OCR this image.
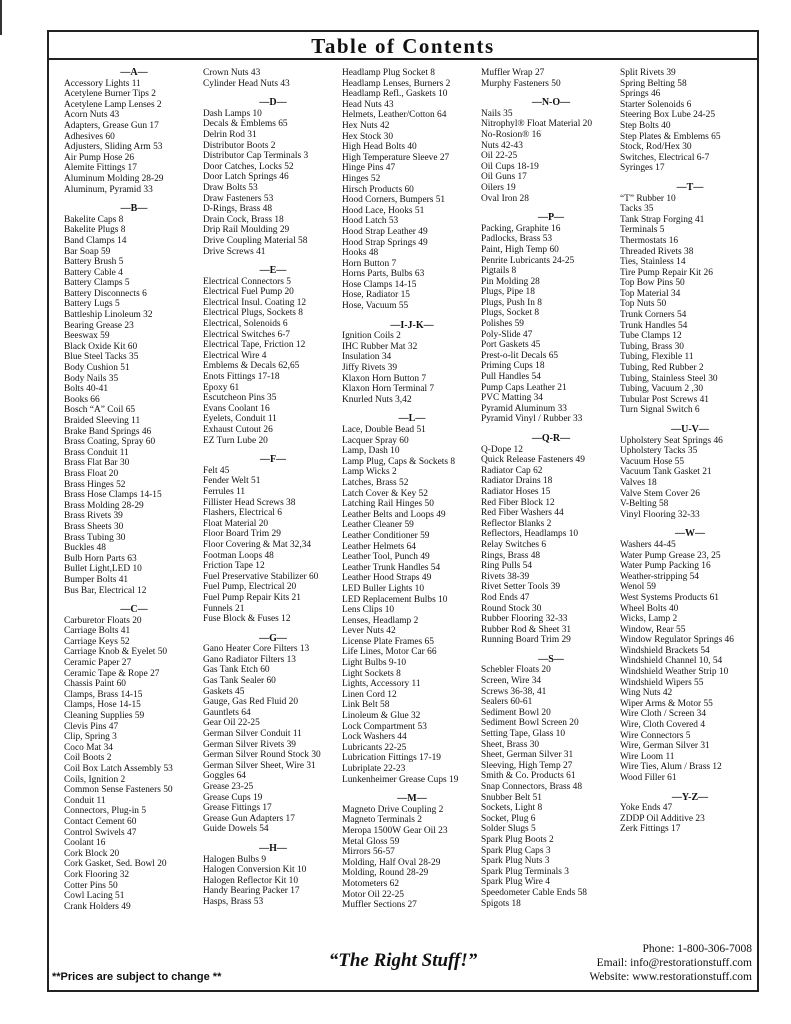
Table of Contents
—A—
Accessory Lights 11
Acetylene Burner Tips 2
Acetylene Lamp Lenses 2
Acorn Nuts 43
Adapters, Grease Gun 17
Adhesives 60
Adjusters, Sliding Arm 53
Air Pump Hose 26
Alemite Fittings 17
Aluminum Molding 28-29
Aluminum, Pyramid 33
—B—
Bakelite Caps 8
Bakelite Plugs 8
Band Clamps 14
Bar Soap 59
Battery Brush 5
Battery Cable 4
Battery Clamps 5
Battery Disconnects 6
Battery Lugs 5
Battleship Linoleum 32
Bearing Grease 23
Beeswax 59
Black Oxide Kit 60
Blue Steel Tacks 35
Body Cushion 51
Body Nails 35
Bolts 40-41
Books 66
Bosch “A” Coil 65
Braided Sleeving 11
Brake Band Springs 46
Brass Coating, Spray 60
Brass Conduit 11
Brass Flat Bar 30
Brass Float 20
Brass Hinges 52
Brass Hose Clamps 14-15
Brass Molding 28-29
Brass Rivets 39
Brass Sheets 30
Brass Tubing 30
Buckles 48
Bulb Horn Parts 63
Bullet Light,LED 10
Bumper Bolts 41
Bus Bar, Electrical 12
—C—
Carburetor Floats 20
Carriage Bolts 41
Carriage Keys 52
Carriage Knob & Eyelet 50
Ceramic Paper 27
Ceramic Tape & Rope 27
Chassis Paint 60
Clamps, Brass 14-15
Clamps, Hose 14-15
Cleaning Supplies 59
Clevis Pins 47
Clip, Spring 3
Coco Mat 34
Coil Boots 2
Coil Box Latch Assembly 53
Coils, Ignition 2
Common Sense Fasteners 50
Conduit 11
Connectors, Plug-in 5
Contact Cement 60
Control Swivels 47
Coolant 16
Cork Block 20
Cork Gasket, Sed. Bowl 20
Cork Flooring 32
Cotter Pins 50
Cowl Lacing 51
Crank Holders 49
Crown Nuts 43
Cylinder Head Nuts 43
—D—
Dash Lamps 10
Decals & Emblems 65
Delrin Rod 31
Distributor Boots 2
Distributor Cap Terminals 3
Door Catches, Locks 52
Door Latch Springs 46
Draw Bolts 53
Draw Fasteners 53
D-Rings, Brass 48
Drain Cock, Brass 18
Drip Rail Moulding 29
Drive Coupling Material 58
Drive Screws 41
—E—
Electrical Connectors 5
Electrical Fuel Pump 20
Electrical Insul. Coating 12
Electrical Plugs, Sockets 8
Electrical, Solenoids 6
Electrical Switches 6-7
Electrical Tape, Friction 12
Electrical Wire 4
Emblems & Decals 62,65
Enots Fittings 17-18
Epoxy 61
Escutcheon Pins 35
Evans Coolant 16
Eyelets, Conduit 11
Exhaust Cutout 26
EZ Turn Lube 20
—F—
Felt 45
Fender Welt 51
Ferrules 11
Fillister Head Screws 38
Flashers, Electrical 6
Float Material 20
Floor Board Trim 29
Floor Covering & Mat 32,34
Footman Loops 48
Friction Tape 12
Fuel Preservative Stabilizer 60
Fuel Pump, Electrical 20
Fuel Pump Repair Kits 21
Funnels 21
Fuse Block & Fuses 12
—G—
Gano Heater Core Filters 13
Gano Radiator Filters 13
Gas Tank Etch 60
Gas Tank Sealer 60
Gaskets 45
Gauge, Gas Red Fluid 20
Gauntlets 64
Gear Oil 22-25
German Silver Conduit 11
German Silver Rivets 39
German Silver Round Stock 30
German Silver Sheet, Wire 31
Goggles 64
Grease 23-25
Grease Cups 19
Grease Fittings 17
Grease Gun Adapters 17
Guide Dowels 54
—H—
Halogen Bulbs 9
Halogen Conversion Kit 10
Halogen Reflector Kit 10
Handy Bearing Packer 17
Hasps, Brass 53
Headlamp Plug Socket 8
Headlamp Lenses, Burners 2
Headlamp Refl., Gaskets 10
Head Nuts 43
Helmets, Leather/Cotton 64
Hex Nuts 42
Hex Stock 30
High Head Bolts 40
High Temperature Sleeve 27
Hinge Pins 47
Hinges 52
Hirsch Products 60
Hood Corners, Bumpers 51
Hood Lace, Hooks 51
Hood Latch 53
Hood Strap Leather 49
Hood Strap Springs 49
Hooks 48
Horn Button 7
Horns Parts, Bulbs 63
Hose Clamps 14-15
Hose, Radiator 15
Hose, Vacuum 55
—I-J-K—
Ignition Coils 2
IHC Rubber Mat 32
Insulation 34
Jiffy Rivets 39
Klaxon Horn Button 7
Klaxon Horn Terminal 7
Knurled Nuts 3,42
—L—
Lace, Double Bead 51
Lacquer Spray 60
Lamp, Dash 10
Lamp Plug, Caps & Sockets 8
Lamp Wicks 2
Latches, Brass 52
Latch Cover & Key 52
Latching Rail Hinges 50
Leather Belts and Loops 49
Leather Cleaner 59
Leather Conditioner 59
Leather Helmets 64
Leather Tool, Punch 49
Leather Trunk Handles 54
Leather Hood Straps 49
LED Buller Lights 10
LED Replacement Bulbs 10
Lens Clips 10
Lenses, Headlamp 2
Lever Nuts 42
License Plate Frames 65
Life Lines, Motor Car 66
Light Bulbs 9-10
Light Sockets 8
Lights, Accessory 11
Linen Cord 12
Link Belt 58
Linoleum & Glue 32
Lock Compartment 53
Lock Washers 44
Lubricants 22-25
Lubrication Fittings 17-19
Lubriplate 22-23
Lunkenheimer Grease Cups 19
—M—
Magneto Drive Coupling 2
Magneto Terminals 2
Meropa 1500W Gear Oil 23
Metal Gloss 59
Mirrors 56-57
Molding, Half Oval 28-29
Molding, Round 28-29
Motometers 62
Motor Oil 22-25
Muffler Sections 27
Muffler Wrap 27
Murphy Fasteners 50
—N-O—
Nails 35
Nitrophyl® Float Material 20
No-Rosion® 16
Nuts 42-43
Oil 22-25
Oil Cups 18-19
Oil Guns 17
Oilers 19
Oval Iron 28
—P—
Packing, Graphite 16
Padlocks, Brass 53
Paint, High Temp 60
Penrite Lubricants 24-25
Pigtails 8
Pin Molding 28
Plugs, Pipe 18
Plugs, Push In 8
Plugs, Socket 8
Polishes 59
Poly-Slide 47
Port Gaskets 45
Prest-o-lit Decals 65
Priming Cups 18
Pull Handles 54
Pump Caps Leather 21
PVC Matting 34
Pyramid Aluminum 33
Pyramid Vinyl / Rubber 33
—Q-R—
Q-Dope 12
Quick Release Fasteners 49
Radiator Cap 62
Radiator Drains 18
Radiator Hoses 15
Red Fiber Block 12
Red Fiber Washers 44
Reflector Blanks 2
Reflectors, Headlamps 10
Relay Switches 6
Rings, Brass 48
Ring Pulls 54
Rivets 38-39
Rivet Setter Tools 39
Rod Ends 47
Round Stock 30
Rubber Flooring 32-33
Rubber Rod & Sheet 31
Running Board Trim 29
—S—
Schebler Floats 20
Screen, Wire 34
Screws 36-38, 41
Sealers 60-61
Sediment Bowl 20
Sediment Bowl Screen 20
Setting Tape, Glass 10
Sheet, Brass 30
Sheet, German Silver 31
Sleeving, High Temp 27
Smith & Co. Products 61
Snap Connectors, Brass 48
Snubber Belt 51
Sockets, Light 8
Socket, Plug 6
Solder Slugs 5
Spark Plug Boots 2
Spark Plug Caps 3
Spark Plug Nuts 3
Spark Plug Terminals 3
Spark Plug Wire 4
Speedometer Cable Ends 58
Spigots 18
Split Rivets 39
Spring Belting 58
Springs 46
Starter Solenoids 6
Steering Box Lube 24-25
Step Bolts 40
Step Plates & Emblems 65
Stock, Rod/Hex 30
Switches, Electrical 6-7
Syringes 17
—T—
“T” Rubber 10
Tacks 35
Tank Strap Forging 41
Terminals 5
Thermostats 16
Threaded Rivets 38
Ties, Stainless 14
Tire Pump Repair Kit 26
Top Bow Pins 50
Top Material 34
Top Nuts 50
Trunk Corners 54
Trunk Handles 54
Tube Clamps 12
Tubing, Brass 30
Tubing, Flexible 11
Tubing, Red Rubber 2
Tubing, Stainless Steel 30
Tubing, Vacuum 2 ,30
Tubular Post Screws 41
Turn Signal Switch 6
—U-V—
Upholstery Seat Springs 46
Upholstery Tacks 35
Vacuum Hose 55
Vacuum Tank Gasket 21
Valves 18
Valve Stem Cover 26
V-Belting 58
Vinyl Flooring 32-33
—W—
Washers 44-45
Water Pump Grease 23, 25
Water Pump Packing 16
Weather-stripping 54
Wenol 59
West Systems Products 61
Wheel Bolts 40
Wicks, Lamp 2
Window, Rear 55
Window Regulator Springs 46
Windshield Brackets 54
Windshield Channel 10, 54
Windshield Weather Strip 10
Windshield Wipers 55
Wing Nuts 42
Wiper Arms & Motor 55
Wire Cloth / Screen 34
Wire, Cloth Covered 4
Wire Connectors 5
Wire, German Silver 31
Wire Loom 11
Wire Ties, Alum / Brass 12
Wood Filler 61
—Y-Z—
Yoke Ends 47
ZDDP Oil Additive 23
Zerk Fittings 17
“The Right Stuff!”
Phone: 1-800-306-7008
Email: info@restorationstuff.com
Website: www.restorationstuff.com
**Prices are subject to change **
